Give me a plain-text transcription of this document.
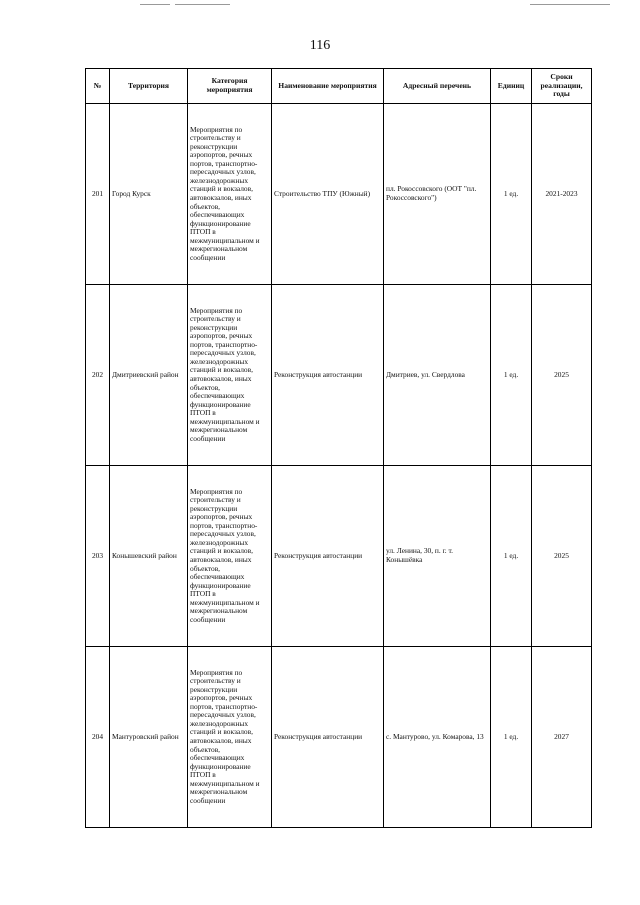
116
№	Территория	Категория мероприятия	Наименование мероприятия	Адресный перечень	Единиц	Сроки реализации, годы
201	Город Курск	Мероприятия по строительству и реконструкции аэропортов, речных портов, транспортно-пересадочных узлов, железнодорожных станций и вокзалов, автовокзалов, иных объектов, обеспечивающих функционирование ПТОП в межмуниципальном и межрегиональном сообщении	Строительство ТПУ (Южный)	пл. Рокоссовского (ООТ "пл. Рокоссовского")	1 ед.	2021-2023
202	Дмитриевский район	Мероприятия по строительству и реконструкции аэропортов, речных портов, транспортно-пересадочных узлов, железнодорожных станций и вокзалов, автовокзалов, иных объектов, обеспечивающих функционирование ПТОП в межмуниципальном и межрегиональном сообщении	Реконструкция автостанции	Дмитриев, ул. Свердлова	1 ед.	2025
203	Конышевский район	Мероприятия по строительству и реконструкции аэропортов, речных портов, транспортно-пересадочных узлов, железнодорожных станций и вокзалов, автовокзалов, иных объектов, обеспечивающих функционирование ПТОП в межмуниципальном и межрегиональном сообщении	Реконструкция автостанции	ул. Ленина, 30, п. г. т. Конышёвка	1 ед.	2025
204	Мантуровский район	Мероприятия по строительству и реконструкции аэропортов, речных портов, транспортно-пересадочных узлов, железнодорожных станций и вокзалов, автовокзалов, иных объектов, обеспечивающих функционирование ПТОП в межмуниципальном и межрегиональном сообщении	Реконструкция автостанции	с. Мантурово, ул. Комарова, 13	1 ед.	2027
